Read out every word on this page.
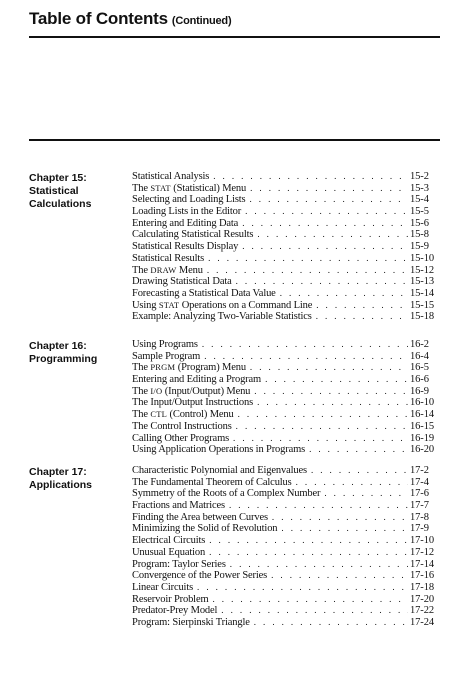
Table of Contents (Continued)
Chapter 15:
Statistical
Calculations
Statistical Analysis . . .	15-2
The STAT (Statistical) Menu . . .	15-3
Selecting and Loading Lists . . .	15-4
Loading Lists in the Editor . . .	15-5
Entering and Editing Data . . .	15-6
Calculating Statistical Results . . .	15-8
Statistical Results Display . . .	15-9
Statistical Results . . .	15-10
The DRAW Menu . . .	15-12
Drawing Statistical Data . . .	15-13
Forecasting a Statistical Data Value . . .	15-14
Using STAT Operations on a Command Line . . .	15-15
Example: Analyzing Two-Variable Statistics . . .	15-18
Chapter 16:
Programming
Using Programs . . .	16-2
Sample Program . . .	16-4
The PRGM (Program) Menu . . .	16-5
Entering and Editing a Program . . .	16-6
The I/O (Input/Output) Menu . . .	16-9
The Input/Output Instructions . . .	16-10
The CTL (Control) Menu . . .	16-14
The Control Instructions . . .	16-15
Calling Other Programs . . .	16-19
Using Application Operations in Programs . . .	16-20
Chapter 17:
Applications
Characteristic Polynomial and Eigenvalues . . .	17-2
The Fundamental Theorem of Calculus . . .	17-4
Symmetry of the Roots of a Complex Number . . .	17-6
Fractions and Matrices . . .	17-7
Finding the Area between Curves . . .	17-8
Minimizing the Solid of Revolution . . .	17-9
Electrical Circuits . . .	17-10
Unusual Equation . . .	17-12
Program: Taylor Series . . .	17-14
Convergence of the Power Series . . .	17-16
Linear Circuits . . .	17-18
Reservoir Problem . . .	17-20
Predator-Prey Model . . .	17-22
Program: Sierpinski Triangle . . .	17-24
